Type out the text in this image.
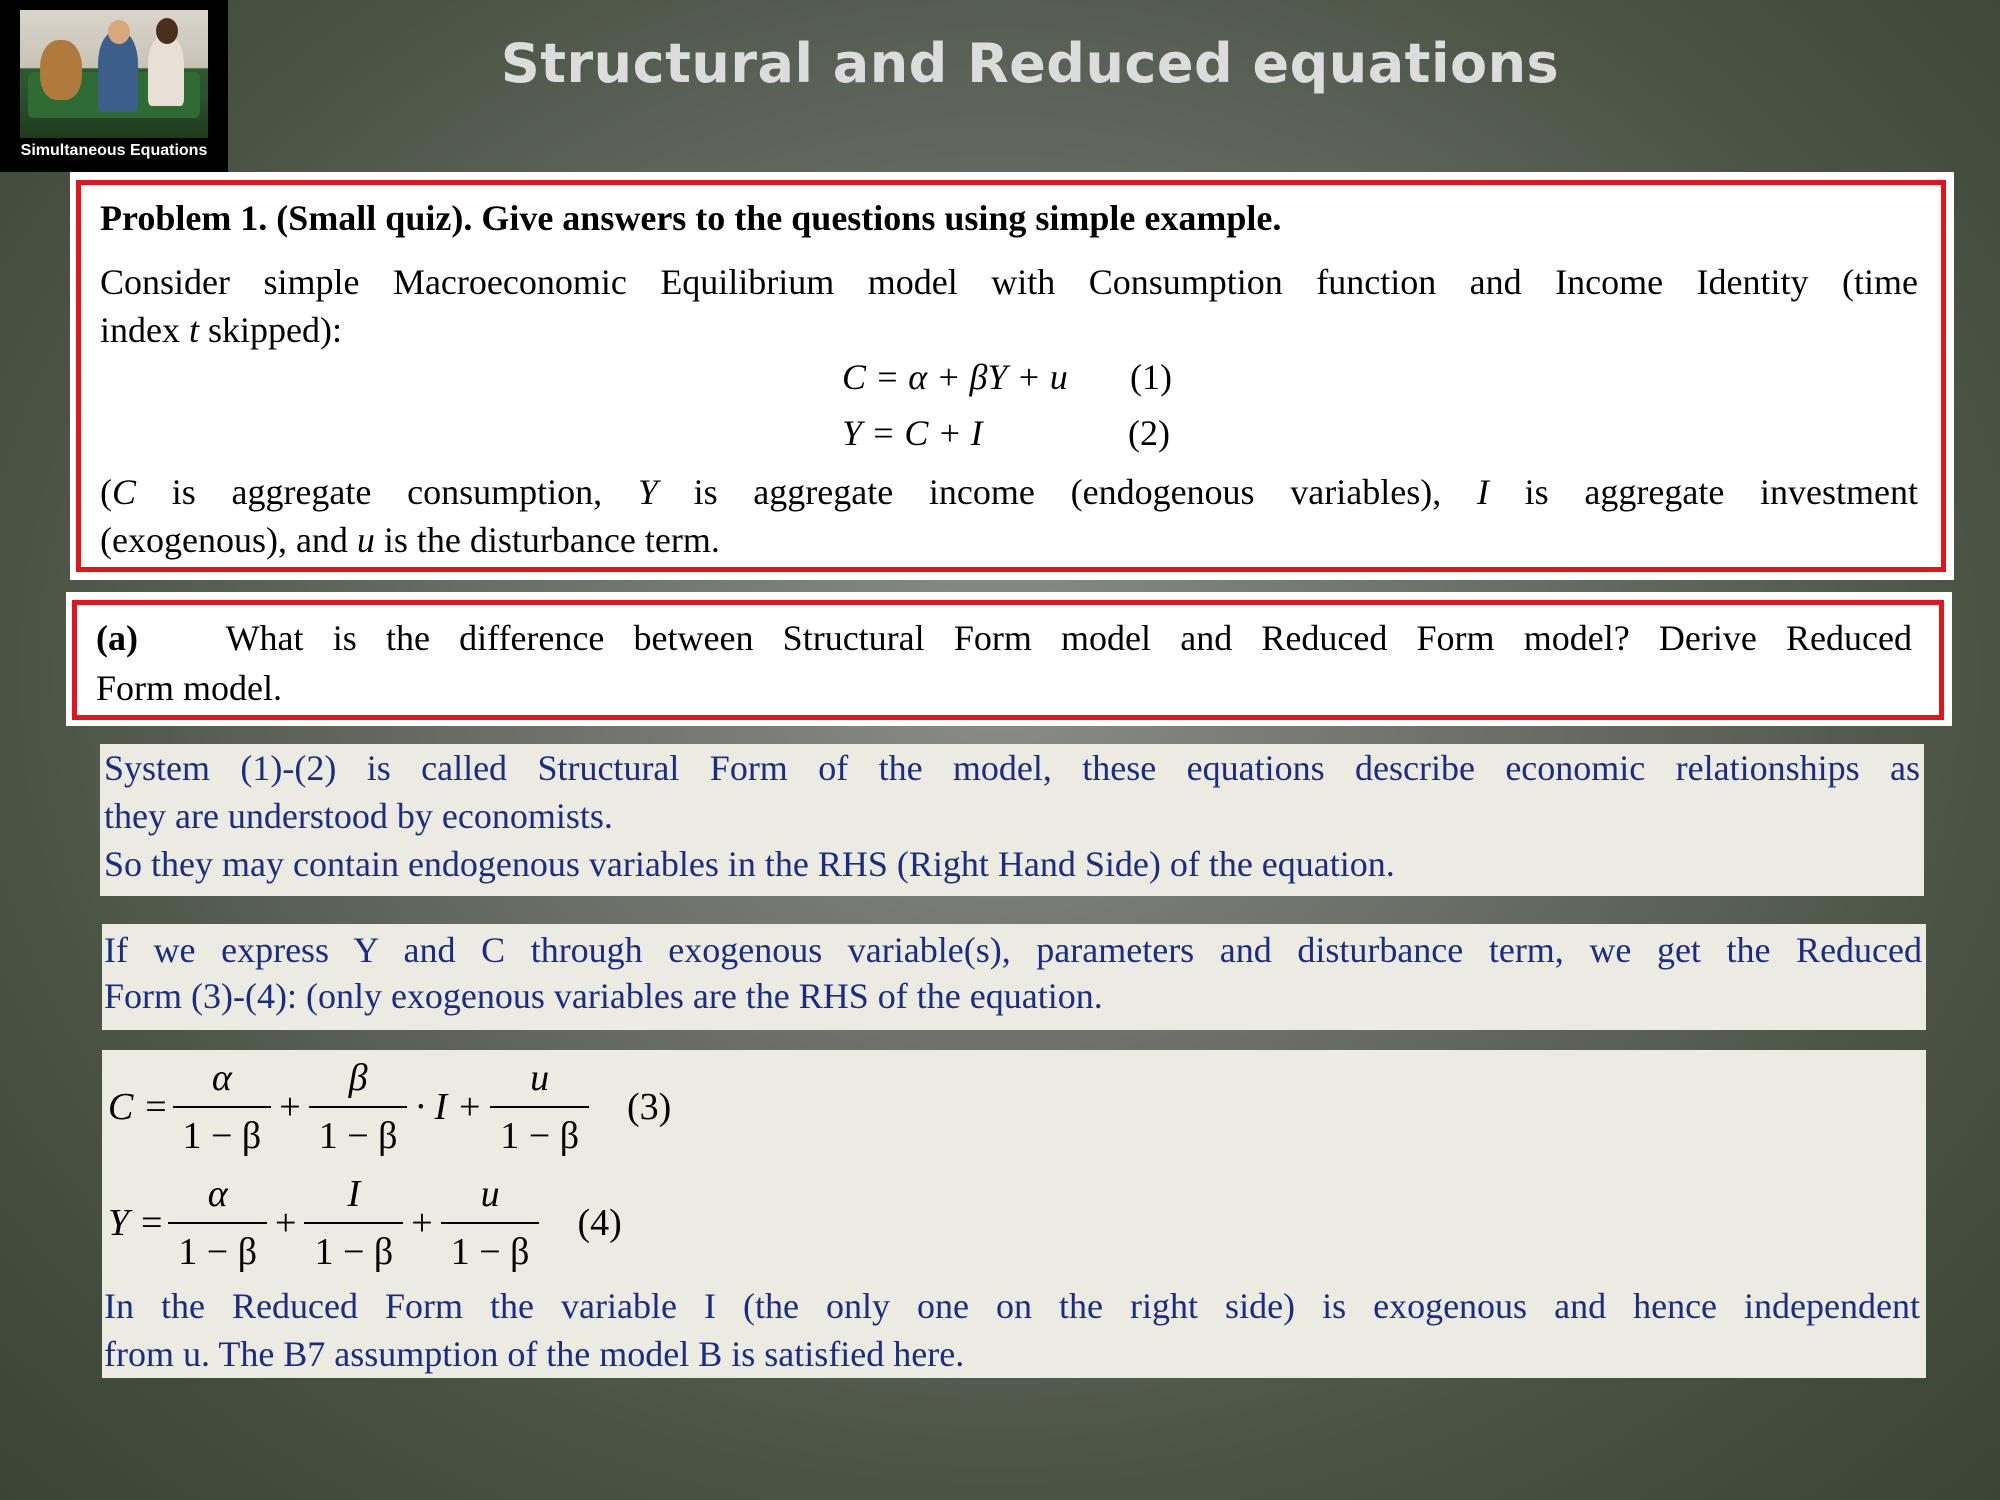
Simultaneous Equations
Structural and Reduced equations
Problem 1. (Small quiz). Give answers to the questions using simple example.
Consider simple Macroeconomic Equilibrium model with Consumption function and Income Identity (time
index t skipped):
C = α + βY + u (1)
Y = C + I	(2)
(C is aggregate consumption, Y is aggregate income (endogenous variables), I is aggregate investment
(exogenous), and u is the disturbance term.
(a) What is the difference between Structural Form model and Reduced Form model? Derive Reduced
Form model.
System (1)-(2) is called Structural Form of the model, these equations describe economic relationships as
they are understood by economists.
So they may contain endogenous variables in the RHS (Right Hand Side) of the equation.
If we express Y and C through exogenous variable(s), parameters and disturbance term, we get the Reduced
Form (3)-(4): (only exogenous variables are the RHS of the equation.
$C = \frac{\alpha}{1 - \beta} + \frac{\beta}{1 - \beta} \cdot I + \frac{u}{1 - \beta} (3)$
$Y = \frac{\alpha}{1 - \beta} + \frac{I}{1 - \beta} + \frac{u}{1 - \beta} (4)$
In the Reduced Form the variable I (the only one on the right side) is exogenous and hence independent
from u. The B7 assumption of the model B is satisfied here.
